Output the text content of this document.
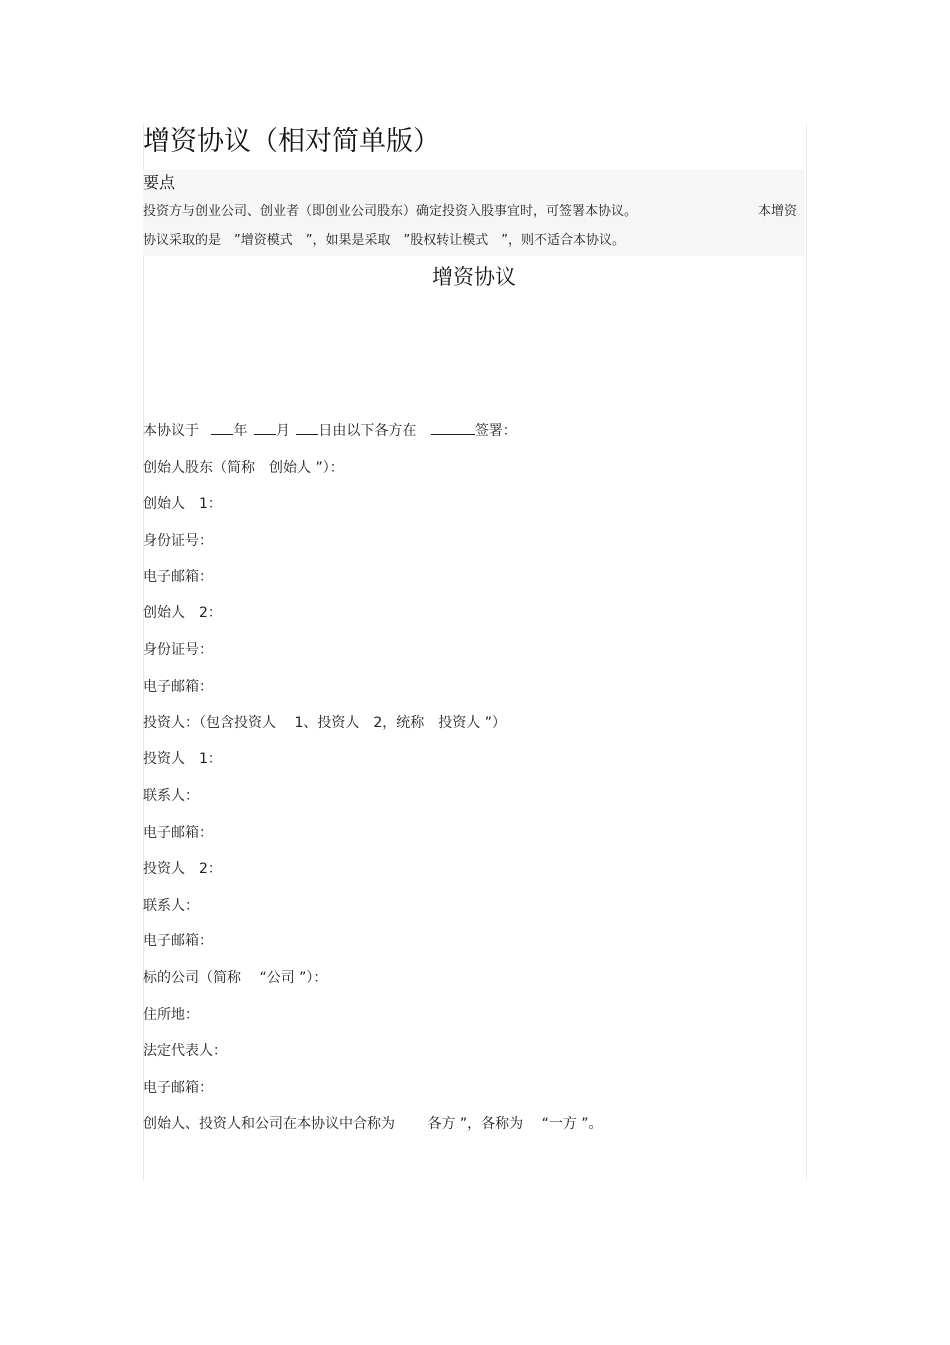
增资协议（相对简单版）
要点
投资方与创业公司、创业者（即创业公司股东）确定投资入股事宜时，可签署本协议。	本增资
协议采取的是　”增资模式　”，如果是采取　”股权转让模式　”，则不适合本协议。
增资协议
本协议于 年 月 日由以下各方在	签署：
创始人股东（简称　创始人 ”）：
创始人　1：
身份证号：
电子邮箱：
创始人　2：
身份证号：
电子邮箱：
投资人：（包含投资人　 1、投资人　2，统称　投资人 ”）
投资人　1：
联系人：
电子邮箱：
投资人　2：
联系人：
电子邮箱：
标的公司（简称　 “公司 ”）：
住所地：
法定代表人：
电子邮箱：
创始人、投资人和公司在本协议中合称为　　 各方 ”，各称为　 “一方 ”。
